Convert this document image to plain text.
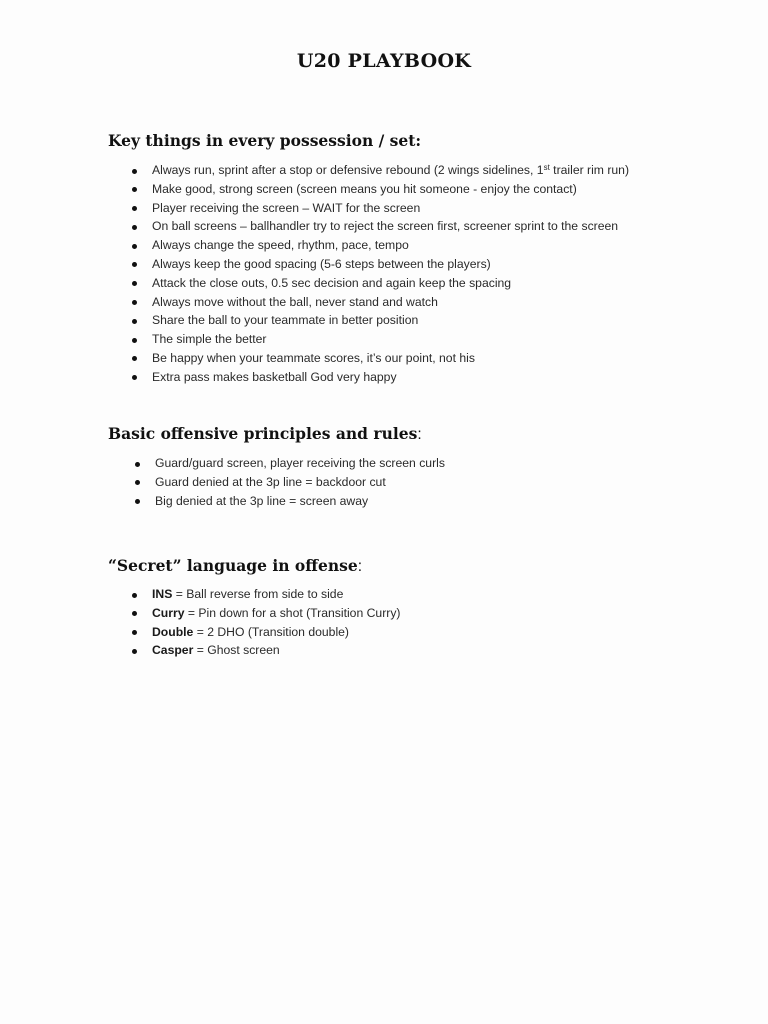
U20 PLAYBOOK
Key things in every possession / set:
Always run, sprint after a stop or defensive rebound (2 wings sidelines, 1st trailer rim run)
Make good, strong screen (screen means you hit someone - enjoy the contact)
Player receiving the screen – WAIT for the screen
On ball screens – ballhandler try to reject the screen first, screener sprint to the screen
Always change the speed, rhythm, pace, tempo
Always keep the good spacing (5-6 steps between the players)
Attack the close outs, 0.5 sec decision and again keep the spacing
Always move without the ball, never stand and watch
Share the ball to your teammate in better position
The simple the better
Be happy when your teammate scores, it’s our point, not his
Extra pass makes basketball God very happy
Basic offensive principles and rules:
Guard/guard screen, player receiving the screen curls
Guard denied at the 3p line = backdoor cut
Big denied at the 3p line = screen away
“Secret” language in offense:
INS = Ball reverse from side to side
Curry = Pin down for a shot (Transition Curry)
Double = 2 DHO (Transition double)
Casper = Ghost screen
